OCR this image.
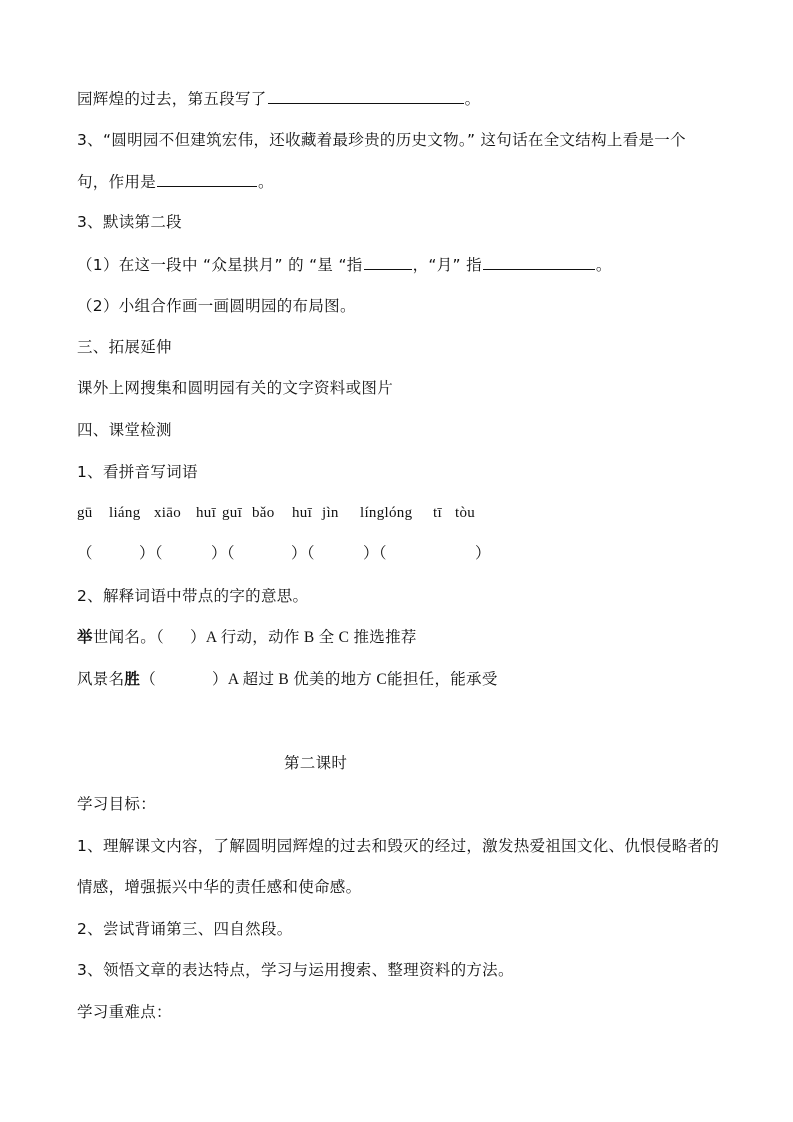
园辉煌的过去，第五段写了	。
3、“圆明园不但建筑宏伟，还收藏着最珍贵的历史文物。” 这句话在全文结构上看是一个
句，作用是	。
3、默读第二段
（1）在这一段中 “众星拱月” 的 “星 “指	，“月” 指	。
（2）小组合作画一画圆明园的布局图。
三、拓展延伸
课外上网搜集和圆明园有关的文字资料或图片
四、课堂检测
1、看拼音写词语
gū liáng xiāo huī guī bǎo huī jìn línglóng tī tòu
（	）（	）（	）（	）（	）
2、解释词语中带点的字的意思。
举世闻名。（ ）A 行动，动作 B 全 C 推选推荐
风景名胜（	）A 超过 B 优美的地方 C能担任，能承受
第二课时
学习目标：
1、理解课文内容，了解圆明园辉煌的过去和毁灭的经过，激发热爱祖国文化、仇恨侵略者的
情感，增强振兴中华的责任感和使命感。
2、尝试背诵第三、四自然段。
3、领悟文章的表达特点，学习与运用搜索、整理资料的方法。
学习重难点：
